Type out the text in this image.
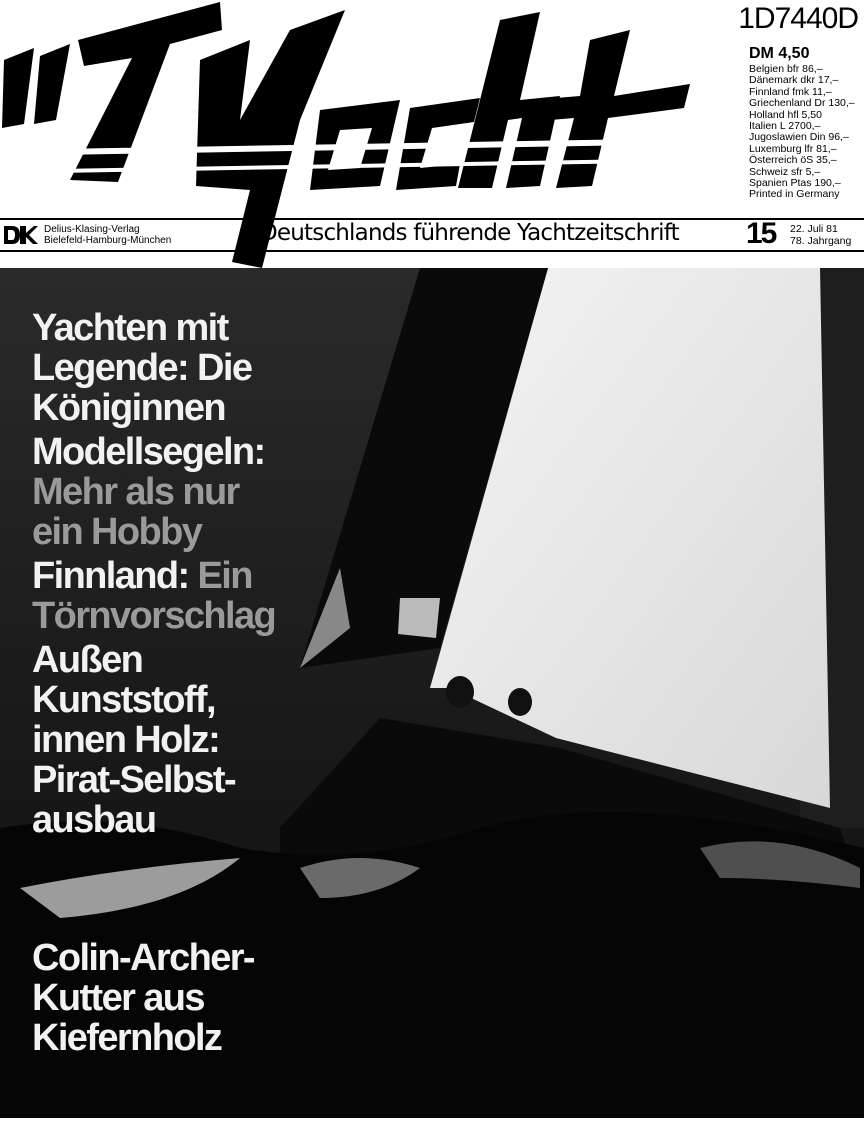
1D7440D
DM 4,50
Belgien bfr 86,–
Dänemark dkr 17,–
Finnland fmk 11,–
Griechenland Dr 130,–
Holland hfl 5,50
Italien L 2700,–
Jugoslawien Din 96,–
Luxemburg lfr 81,–
Österreich öS 35,–
Schweiz sfr 5,–
Spanien Ptas 190,–
Printed in Germany
Delius-Klasing-Verlag
Bielefeld-Hamburg-München	Deutschlands führende Yachtzeitschrift 15 22. Juli 81
78. Jahrgang
Yachten mit
Legende: Die
Königinnen
Modellsegeln:
Mehr als nur
ein Hobby
Finnland: Ein
Törnvorschlag
Außen
Kunststoff,
innen Holz:
Pirat-Selbst-
ausbau
Colin-Archer-
Kutter aus
Kiefernholz
